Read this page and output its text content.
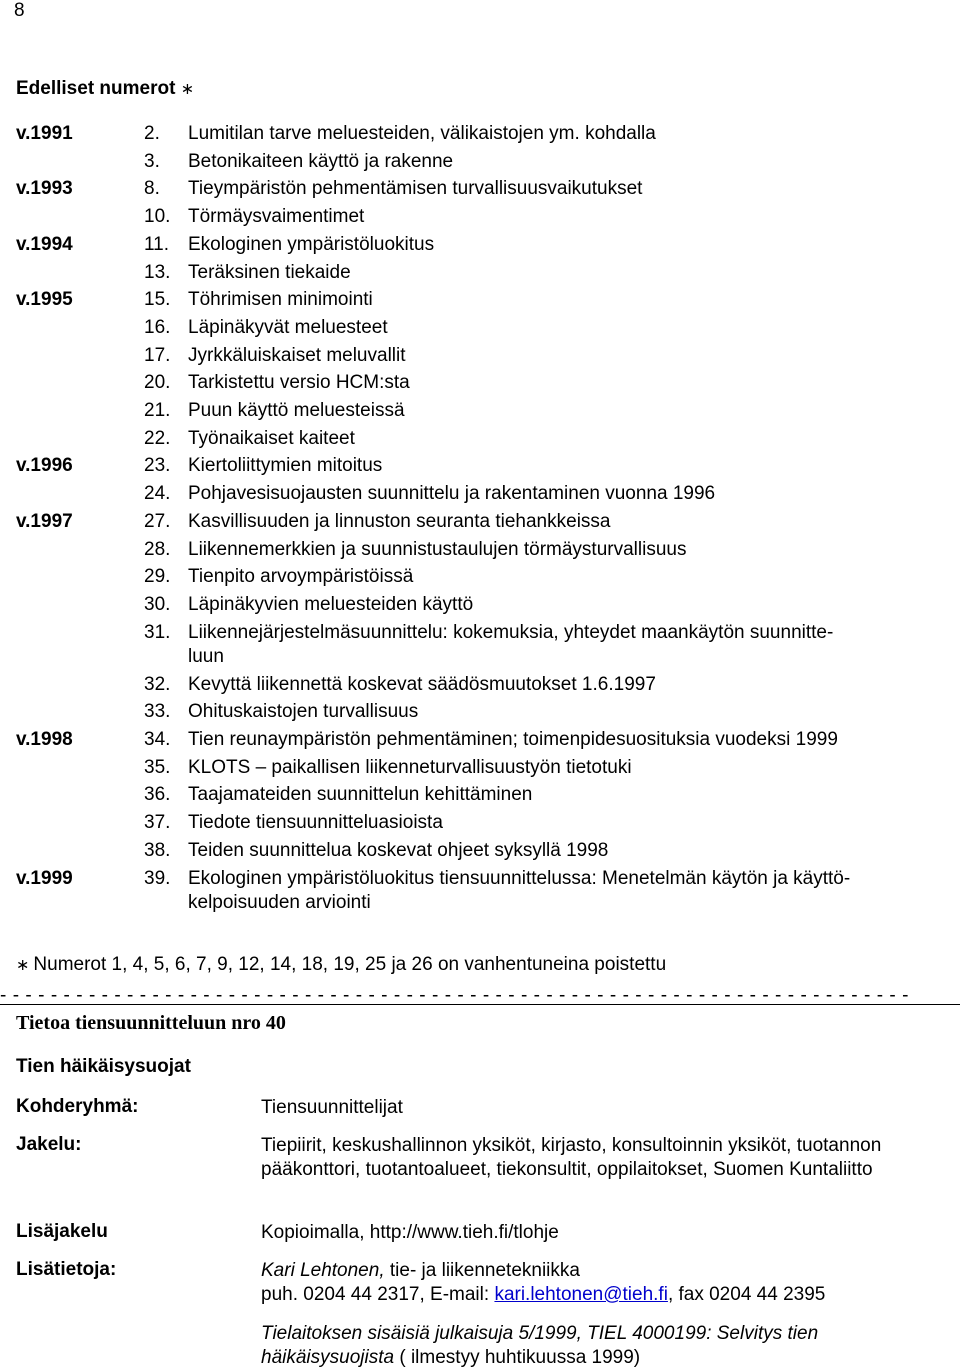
8
Edelliset numerot ∗
v.1991	2.	Lumitilan tarve meluesteiden, välikaistojen ym. kohdalla
3.	Betonikaiteen käyttö ja rakenne
v.1993	8.	Tieympäristön pehmentämisen turvallisuusvaikutukset
10. Törmäysvaimentimet
v.1994	11. Ekologinen ympäristöluokitus
13. Teräksinen tiekaide
v.1995	15. Töhrimisen minimointi
16. Läpinäkyvät meluesteet
17. Jyrkkäluiskaiset meluvallit
20. Tarkistettu versio HCM:sta
21. Puun käyttö meluesteissä
22. Työnaikaiset kaiteet
v.1996	23. Kiertoliittymien mitoitus
24. Pohjavesisuojausten suunnittelu ja rakentaminen vuonna 1996
v.1997	27. Kasvillisuuden ja linnuston seuranta tiehankkeissa
28. Liikennemerkkien ja suunnistustaulujen törmäysturvallisuus
29. Tienpito arvoympäristöissä
30. Läpinäkyvien meluesteiden käyttö
31. Liikennejärjestelmäsuunnittelu: kokemuksia, yhteydet maankäytön suunnitte-
luun
32. Kevyttä liikennettä koskevat säädösmuutokset 1.6.1997
33. Ohituskaistojen turvallisuus
v.1998	34. Tien reunaympäristön pehmentäminen; toimenpidesuosituksia vuodeksi 1999
35. KLOTS – paikallisen liikenneturvallisuustyön tietotuki
36. Taajamateiden suunnittelun kehittäminen
37. Tiedote tiensuunnitteluasioista
38. Teiden suunnittelua koskevat ohjeet syksyllä 1998
v.1999	39. Ekologinen ympäristöluokitus tiensuunnittelussa: Menetelmän käytön ja käyttö-
kelpoisuuden arviointi
∗ Numerot 1, 4, 5, 6, 7, 9, 12, 14, 18, 19, 25 ja 26 on vanhentuneina poistettu
- - - - - - - - - - - - - - - - - - - - - - - - - - - - - - - - - - - - - - - - - - - - - - - - - - - - - - - - - - - - - - - - - - - - - - - -
Tietoa tiensuunnitteluun nro 40
Tien häikäisysuojat
Kohderyhmä:	Tiensuunnittelijat
Jakelu:	Tiepiirit, keskushallinnon yksiköt, kirjasto, konsultoinnin yksiköt, tuotannon pääkonttori, tuotantoalueet, tiekonsultit, oppilaitokset, Suomen Kuntaliitto
Lisäjakelu	Kopioimalla, http://www.tieh.fi/tlohje
Lisätietoja:	Kari Lehtonen, tie- ja liikennetekniikka
puh. 0204 44 2317, E-mail: kari.lehtonen@tieh.fi, fax 0204 44 2395
Tielaitoksen sisäisiä julkaisuja 5/1999, TIEL 4000199: Selvitys tien häikäisysuojista ( ilmestyy huhtikuussa 1999)
